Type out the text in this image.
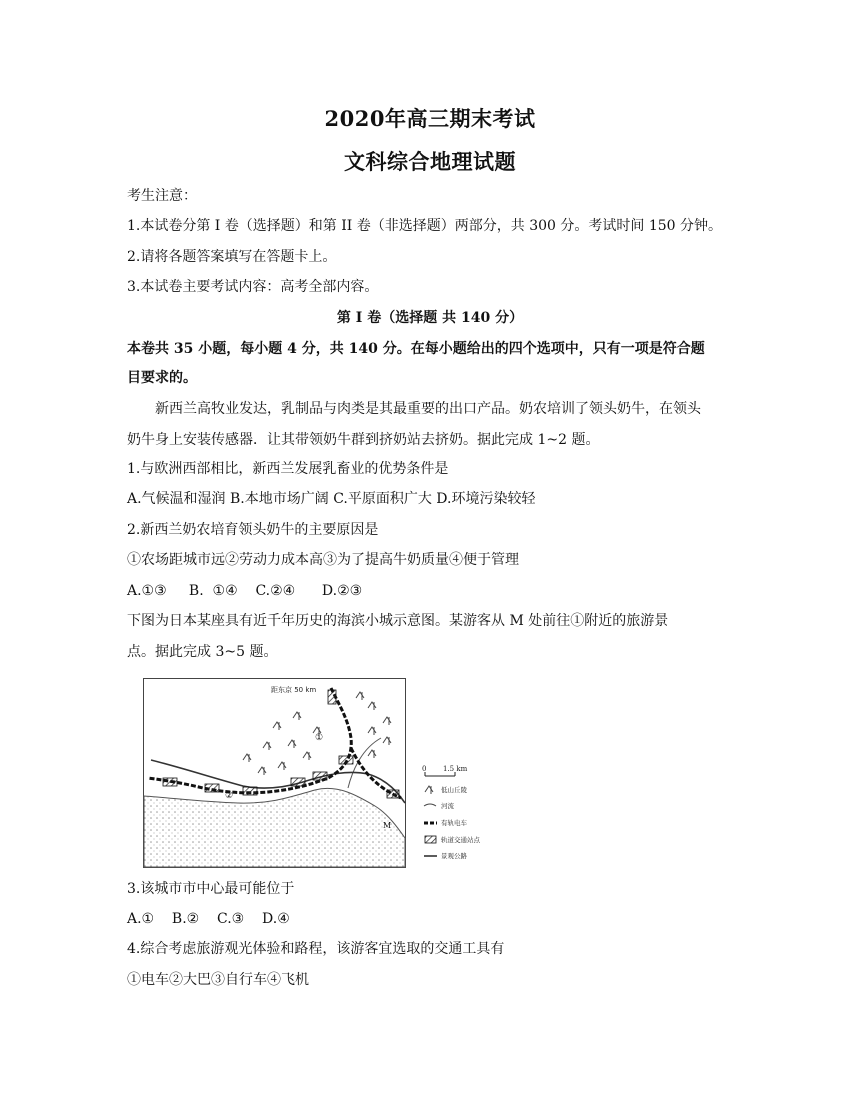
2020年高三期末考试
文科综合地理试题
考生注意：
1.本试卷分第 I 卷（选择题）和第 II 卷（非选择题）两部分，共 300 分。考试时间 150 分钟。
2.请将各题答案填写在答题卡上。
3.本试卷主要考试内容：高考全部内容。
第 I 卷（选择题 共 140 分）
本卷共 35 小题，每小题 4 分，共 140 分。在每小题给出的四个选项中，只有一项是符合题
目要求的。
新西兰高牧业发达，乳制品与肉类是其最重要的出口产品。奶农培训了领头奶牛，在领头
奶牛身上安装传感器．让其带领奶牛群到挤奶站去挤奶。据此完成 1~2 题。
1.与欧洲西部相比，新西兰发展乳畜业的优势条件是
A.气候温和湿润 B.本地市场广阔 C.平原面积广大 D.环境污染较轻
2.新西兰奶农培育领头奶牛的主要原因是
①农场距城市远②劳动力成本高③为了提高牛奶质量④便于管理
A.①③     B.  ①④    C.②④      D.②③
下图为日本某座具有近千年历史的海滨小城示意图。某游客从 M 处前往①附近的旅游景
点。据此完成 3~5 题。
距东京 50 km
①
②
M
0 1.5 km
低山丘陵
河流
有轨电车
轨道交通站点
景观公路
3.该城市市中心最可能位于
A.①    B.②    C.③    D.④
4.综合考虑旅游观光体验和路程，该游客宜选取的交通工具有
①电车②大巴③自行车④飞机
